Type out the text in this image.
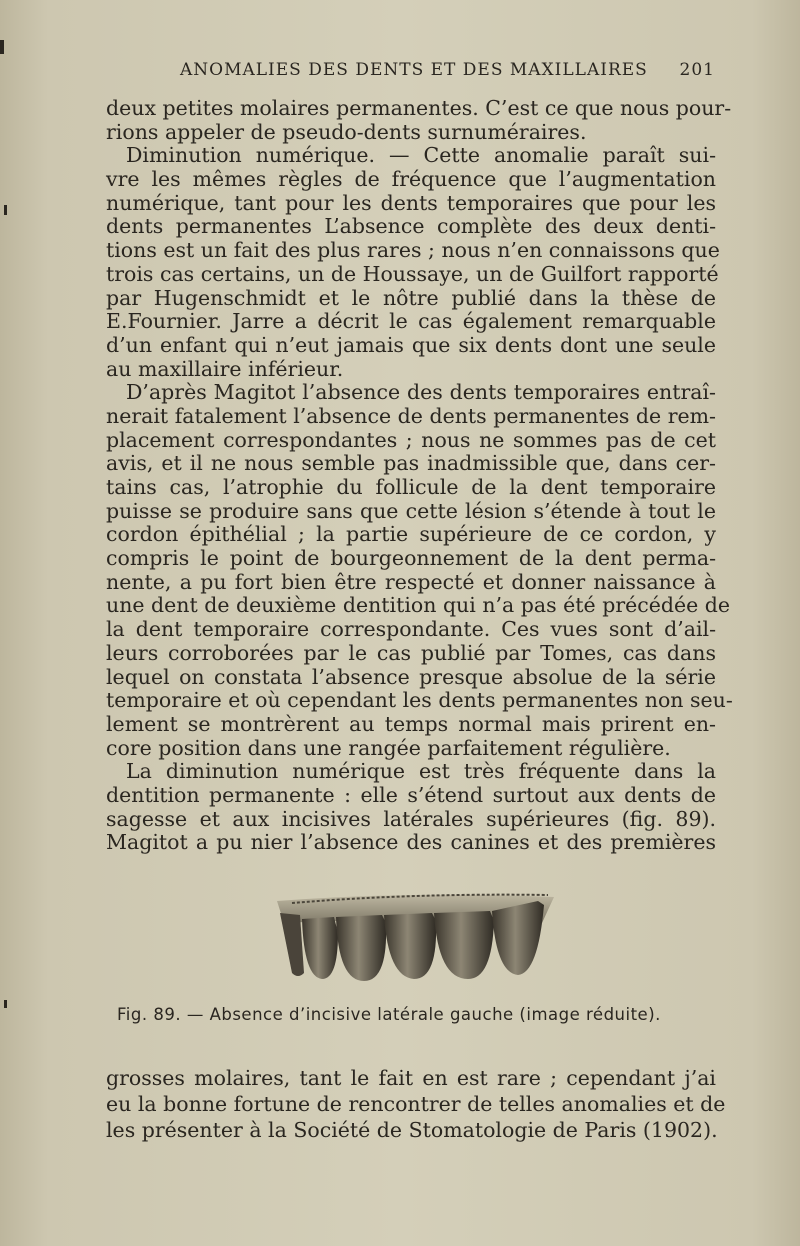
ANOMALIES DES DENTS ET DES MAXILLAIRES 201
deux petites molaires permanentes. C’est ce que nous pour-
rions appeler de pseudo-dents surnuméraires.
Diminution numérique. — Cette anomalie paraît sui-
vre les mêmes règles de fréquence que l’augmentation
numérique, tant pour les dents temporaires que pour les
dents permanentes L’absence complète des deux denti-
tions est un fait des plus rares ; nous n’en connaissons que
trois cas certains, un de Houssaye, un de Guilfort rapporté
par Hugenschmidt et le nôtre publié dans la thèse de
E.Fournier. Jarre a décrit le cas également remarquable
d’un enfant qui n’eut jamais que six dents dont une seule
au maxillaire inférieur.
D’après Magitot l’absence des dents temporaires entraî-
nerait fatalement l’absence de dents permanentes de rem-
placement correspondantes ; nous ne sommes pas de cet
avis, et il ne nous semble pas inadmissible que, dans cer-
tains cas, l’atrophie du follicule de la dent temporaire
puisse se produire sans que cette lésion s’étende à tout le
cordon épithélial ; la partie supérieure de ce cordon, y
compris le point de bourgeonnement de la dent perma-
nente, a pu fort bien être respecté et donner naissance à
une dent de deuxième dentition qui n’a pas été précédée de
la dent temporaire correspondante. Ces vues sont d’ail-
leurs corroborées par le cas publié par Tomes, cas dans
lequel on constata l’absence presque absolue de la série
temporaire et où cependant les dents permanentes non seu-
lement se montrèrent au temps normal mais prirent en-
core position dans une rangée parfaitement régulière.
La diminution numérique est très fréquente dans la
dentition permanente : elle s’étend surtout aux dents de
sagesse et aux incisives latérales supérieures (fig. 89).
Magitot a pu nier l’absence des canines et des premières
Fig. 89. — Absence d’incisive latérale gauche (image réduite).
grosses molaires, tant le fait en est rare ; cependant j’ai
eu la bonne fortune de rencontrer de telles anomalies et de
les présenter à la Société de Stomatologie de Paris (1902).
